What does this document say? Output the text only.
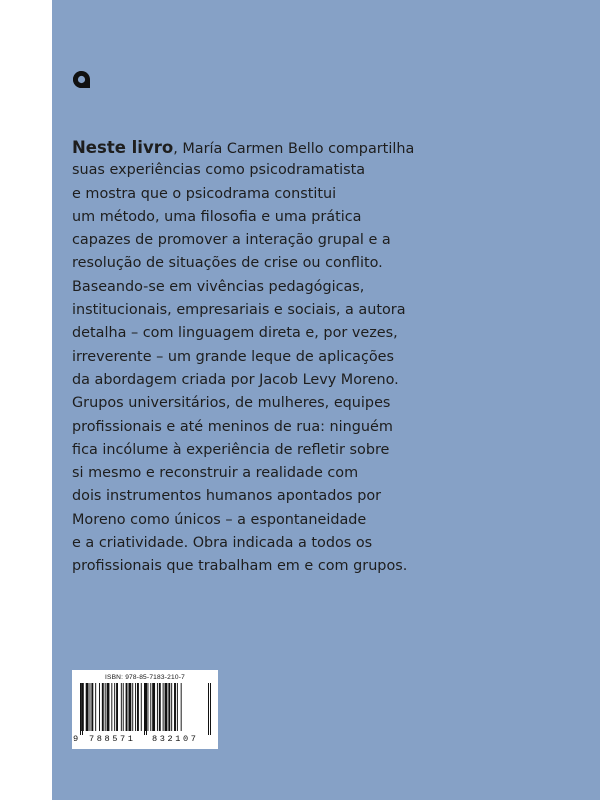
Neste livro, María Carmen Bello compartilha
suas experiências como psicodramatista
e mostra que o psicodrama constitui
um método, uma filosofia e uma prática
capazes de promover a interação grupal e a
resolução de situações de crise ou conflito.
Baseando-se em vivências pedagógicas,
institucionais, empresariais e sociais, a autora
detalha – com linguagem direta e, por vezes,
irreverente – um grande leque de aplicações
da abordagem criada por Jacob Levy Moreno.
Grupos universitários, de mulheres, equipes
profissionais e até meninos de rua: ninguém
fica incólume à experiência de refletir sobre
si mesmo e reconstruir a realidade com
dois instrumentos humanos apontados por
Moreno como únicos – a espontaneidade
e a criatividade. Obra indicada a todos os
profissionais que trabalham em e com grupos.
ISBN: 978-85-7183-210-7
9 788571 832107
